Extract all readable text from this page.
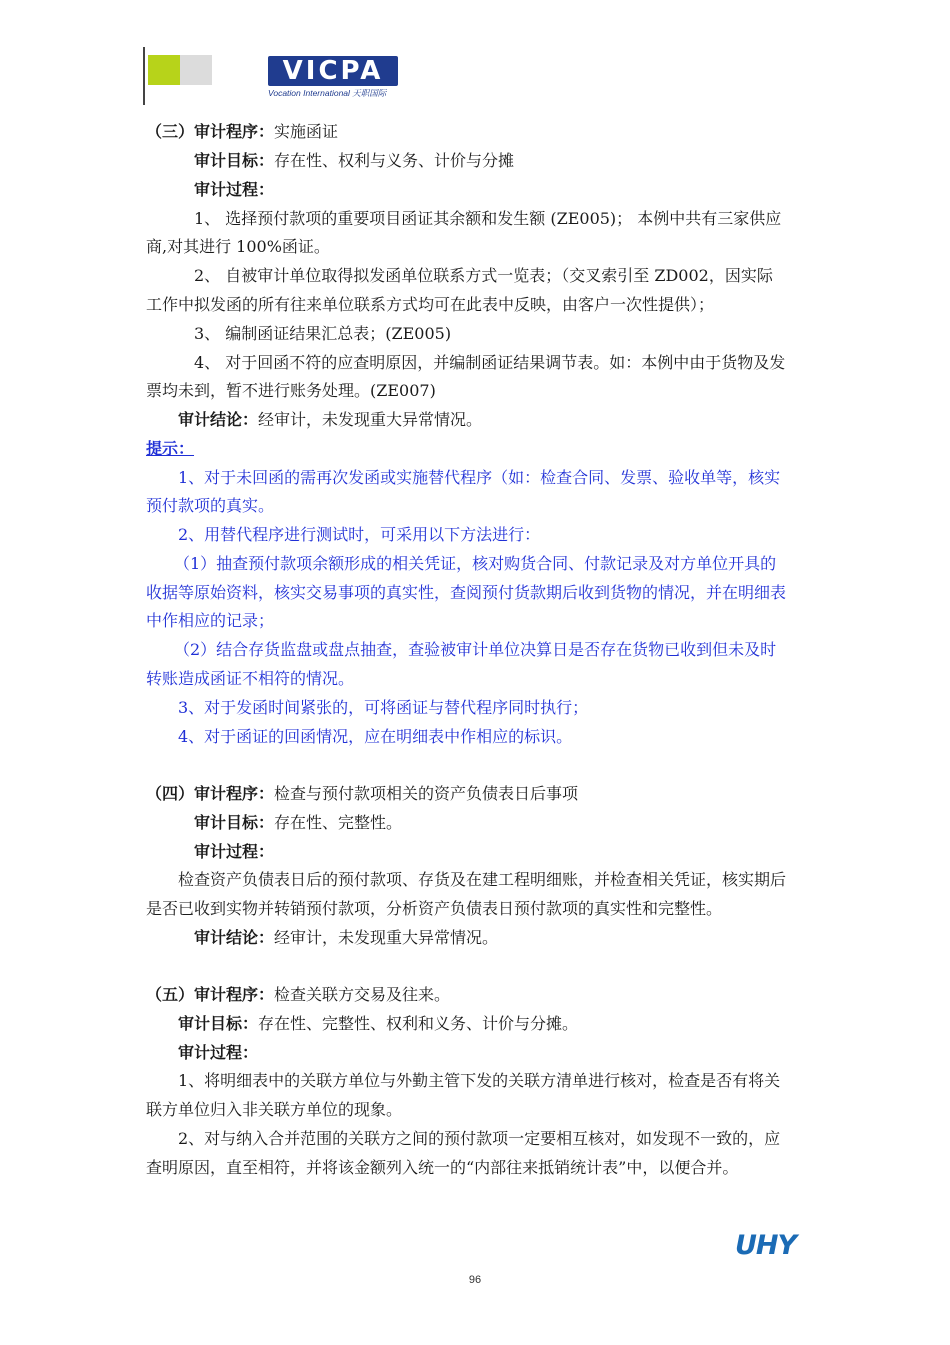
VICPA
Vocation International 天职国际
（三）审计程序：实施函证
审计目标：存在性、权利与义务、计价与分摊
审计过程：
1、 选择预付款项的重要项目函证其余额和发生额 (ZE005)； 本例中共有三家供应
商,对其进行 100%函证。
2、 自被审计单位取得拟发函单位联系方式一览表；（交叉索引至 ZD002，因实际
工作中拟发函的所有往来单位联系方式均可在此表中反映，由客户一次性提供）；
3、 编制函证结果汇总表；(ZE005)
4、 对于回函不符的应查明原因，并编制函证结果调节表。如：本例中由于货物及发
票均未到，暂不进行账务处理。(ZE007)
审计结论：经审计，未发现重大异常情况。
提示：
1、对于未回函的需再次发函或实施替代程序（如：检查合同、发票、验收单等，核实
预付款项的真实。
2、用替代程序进行测试时，可采用以下方法进行：
（1）抽查预付款项余额形成的相关凭证，核对购货合同、付款记录及对方单位开具的
收据等原始资料，核实交易事项的真实性，查阅预付货款期后收到货物的情况，并在明细表
中作相应的记录；
（2）结合存货监盘或盘点抽查，查验被审计单位决算日是否存在货物已收到但未及时
转账造成函证不相符的情况。
3、对于发函时间紧张的，可将函证与替代程序同时执行；
4、对于函证的回函情况，应在明细表中作相应的标识。
（四）审计程序：检查与预付款项相关的资产负债表日后事项
审计目标：存在性、完整性。
审计过程：
检查资产负债表日后的预付款项、存货及在建工程明细账，并检查相关凭证，核实期后
是否已收到实物并转销预付款项，分析资产负债表日预付款项的真实性和完整性。
审计结论：经审计，未发现重大异常情况。
（五）审计程序：检查关联方交易及往来。
审计目标：存在性、完整性、权利和义务、计价与分摊。
审计过程：
1、将明细表中的关联方单位与外勤主管下发的关联方清单进行核对，检查是否有将关
联方单位归入非关联方单位的现象。
2、对与纳入合并范围的关联方之间的预付款项一定要相互核对，如发现不一致的，应
查明原因，直至相符，并将该金额列入统一的“内部往来抵销统计表”中，以便合并。
UHY
96
